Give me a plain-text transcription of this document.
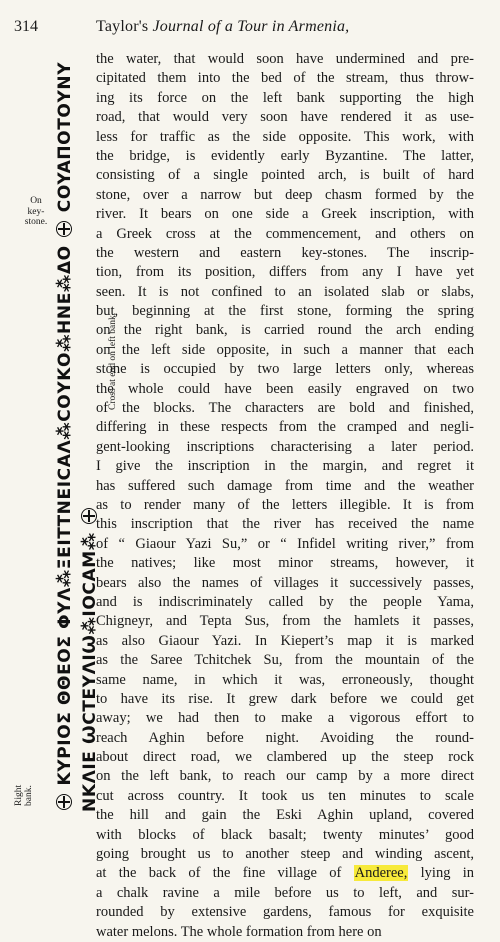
314	Taylor's Journal of a Tour in Armenia,
On
key-
stone.
Right bank.
Cross at end on left bank.
ΚΥΡΙΟΣ ΘΘΕΟΣ ΦΥΛ⁂ΞΕΙΤΤΝΕΙCΑΛ⁂CΟΥΚΟ⁂ΗΝΕ⁂ΔΟ  COYAΠΟΤΟΥΝΥ
ΝΚΛΙΕ ѠCΤΕΥΛΙѠ⁂ΙΟCΑΜ⁂
the water, that would soon have undermined and pre-
cipitated them into the bed of the stream, thus throw-
ing its force on the left bank supporting the high
road, that would very soon have rendered it as use-
less for traffic as the side opposite. This work, with
the bridge, is evidently early Byzantine. The latter,
consisting of a single pointed arch, is built of hard
stone, over a narrow but deep chasm formed by the
river. It bears on one side a Greek inscription, with
a Greek cross at the commencement, and others on
the western and eastern key-stones. The inscrip-
tion, from its position, differs from any I have yet
seen. It is not confined to an isolated slab or slabs,
but, beginning at the first stone, forming the spring
on the right bank, is carried round the arch ending
on the left side opposite, in such a manner that each
stone is occupied by two large letters only, whereas
the whole could have been easily engraved on two
of the blocks. The characters are bold and finished,
differing in these respects from the cramped and negli-
gent-looking inscriptions characterising a later period.
I give the inscription in the margin, and regret it
has suffered such damage from time and the weather
as to render many of the letters illegible. It is from
this inscription that the river has received the name
of “ Giaour Yazi Su,” or “ Infidel writing river,” from
the natives; like most minor streams, however, it
bears also the names of villages it successively passes,
and is indiscriminately called by the people Yama,
Chigneyr, and Tepta Sus, from the hamlets it passes,
as also Giaour Yazi. In Kiepert’s map it is marked
as the Saree Tchitchek Su, from the mountain of the
same name, in which it was, erroneously, thought
to have its rise. It grew dark before we could get
away; we had then to make a vigorous effort to
reach Aghin before night. Avoiding the round-
about direct road, we clambered up the steep rock
on the left bank, to reach our camp by a more direct
cut across country. It took us ten minutes to scale
the hill and gain the Eski Aghin upland, covered
with blocks of black basalt; twenty minutes’ good
going brought us to another steep and winding ascent,
at the back of the fine village of Anderee, lying in
a chalk ravine a mile before us to left, and sur-
rounded by extensive gardens, famous for exquisite
water melons. The whole formation from here on
